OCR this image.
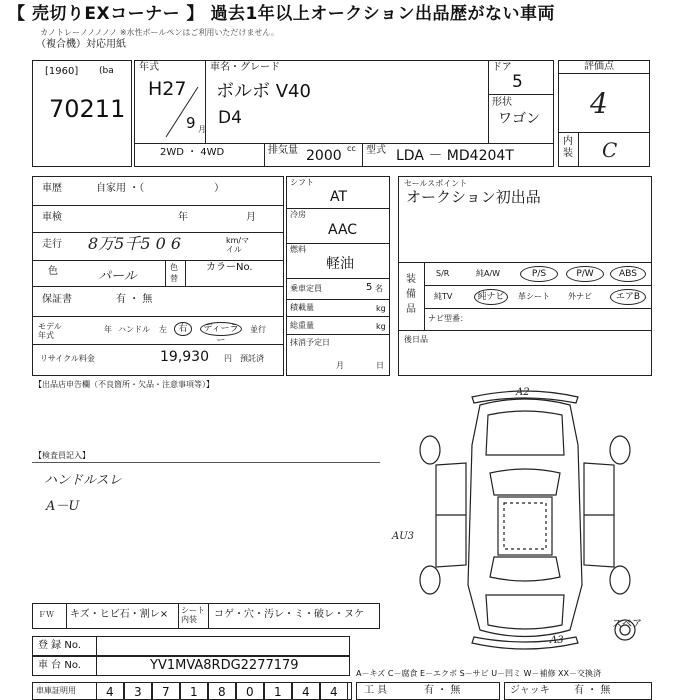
【 売切りEXコーナー 】 過去1年以上オークション出品歴がない車両
カノトレーノノノノノ ※水性ボールペンはご利用いただけません。
（複合機）対応用紙
[1960] (ba
70211
年式
H27
9 月
車名・グレード
ボルボ V40
D4
ドア
5
形状
ワゴン
2WD ・ 4WD	排気量 2000 cc 型式 LDA － MD4204T
評価点
4
内装 C
車歴	自家用 ・（　　　　　　　）
車検	年	月
走行 8万5千5 0 6	km/マイル
色	パール
色替
カラーNo.
保証書	有 ・ 無
モデル年式
年 ハンドル 左	右	ディーラー
並行
リサイクル料金	19,930 円 預託済
シフト
AT
冷房
AAC
燃料
軽油
乗車定員	5 名
積載量	kg
総重量	kg
抹消予定日
月	日
セールスポイント
オークション初出品
装備品
S/R	純A/W	P/S	P/W	ABS
純TV	純ナビ	革シート 外ナビ	エアB
ナビ型番：
後日品
【出品店申告欄（不良箇所・欠品・注意事項等）】
【検査員記入】
ハンドルスレ
A－U
A2
AU3
A3
スペア
ＦＷ キズ・ヒビ石・割レ× シート内装	コゲ・穴・汚レ・ミ・破レ・ヌケ
登 録 No.
車 台 No.	YV1MVA8RDG2277179
A－キズ C－腐食 E－エクボ S－サビ U－凹ミ W－補修 XX－交換済
車庫証明用	4 3 7 1 8 0 1 4 4	工 具	有 ・ 無	ジャッキ 有 ・ 無
